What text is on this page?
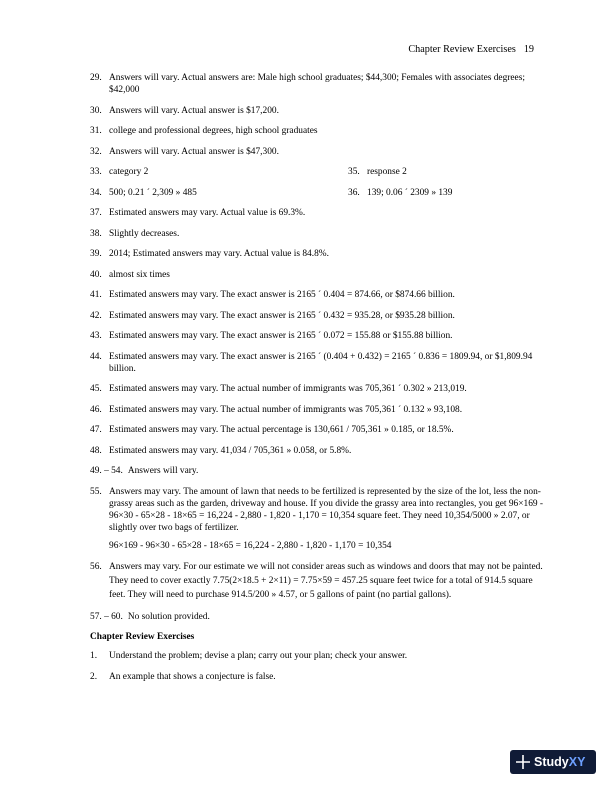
Chapter Review Exercises 19
29. Answers will vary. Actual answers are: Male high school graduates; $44,300; Females with associates degrees; $42,000
30. Answers will vary. Actual answer is $17,200.
31. college and professional degrees, high school graduates
32. Answers will vary. Actual answer is $47,300.
33. category 2	35. response 2
34. 500; 0.21 ´ 2,309 » 485	36. 139; 0.06 ´ 2309 » 139
37. Estimated answers may vary. Actual value is 69.3%.
38. Slightly decreases.
39. 2014; Estimated answers may vary. Actual value is 84.8%.
40. almost six times
41. Estimated answers may vary. The exact answer is 2165 ´ 0.404 = 874.66, or $874.66 billion.
42. Estimated answers may vary. The exact answer is 2165 ´ 0.432 = 935.28, or $935.28 billion.
43. Estimated answers may vary. The exact answer is 2165 ´ 0.072 = 155.88 or $155.88 billion.
44. Estimated answers may vary. The exact answer is 2165 ´ (0.404 + 0.432) = 2165 ´ 0.836 = 1809.94, or $1,809.94 billion.
45. Estimated answers may vary. The actual number of immigrants was 705,361 ´ 0.302 » 213,019.
46. Estimated answers may vary. The actual number of immigrants was 705,361 ´ 0.132 » 93,108.
47. Estimated answers may vary. The actual percentage is 130,661 / 705,361 » 0.185, or 18.5%.
48. Estimated answers may vary. 41,034 / 705,361 » 0.058, or 5.8%.
49. – 54. Answers will vary.
55. Answers may vary. The amount of lawn that needs to be fertilized is represented by the size of the lot, less the non-grassy areas such as the garden, driveway and house. If you divide the grassy area into rectangles, you get 96×169 - 96×30 - 65×28 - 18×65 = 16,224 - 2,880 - 1,820 - 1,170 = 10,354 square feet. They need 10,354/5000 » 2.07, or slightly over two bags of fertilizer.
96×169 - 96×30 - 65×28 - 18×65 = 16,224 - 2,880 - 1,820 - 1,170 = 10,354
56. Answers may vary. For our estimate we will not consider areas such as windows and doors that may not be painted. They need to cover exactly 7.75(2×18.5 + 2×11) = 7.75×59 = 457.25 square feet twice for a total of 914.5 square feet. They will need to purchase 914.5/200 » 4.57, or 5 gallons of paint (no partial gallons).
57. – 60. No solution provided.
Chapter Review Exercises
1.	Understand the problem; devise a plan; carry out your plan; check your answer.
2.	An example that shows a conjecture is false.
StudyXY
